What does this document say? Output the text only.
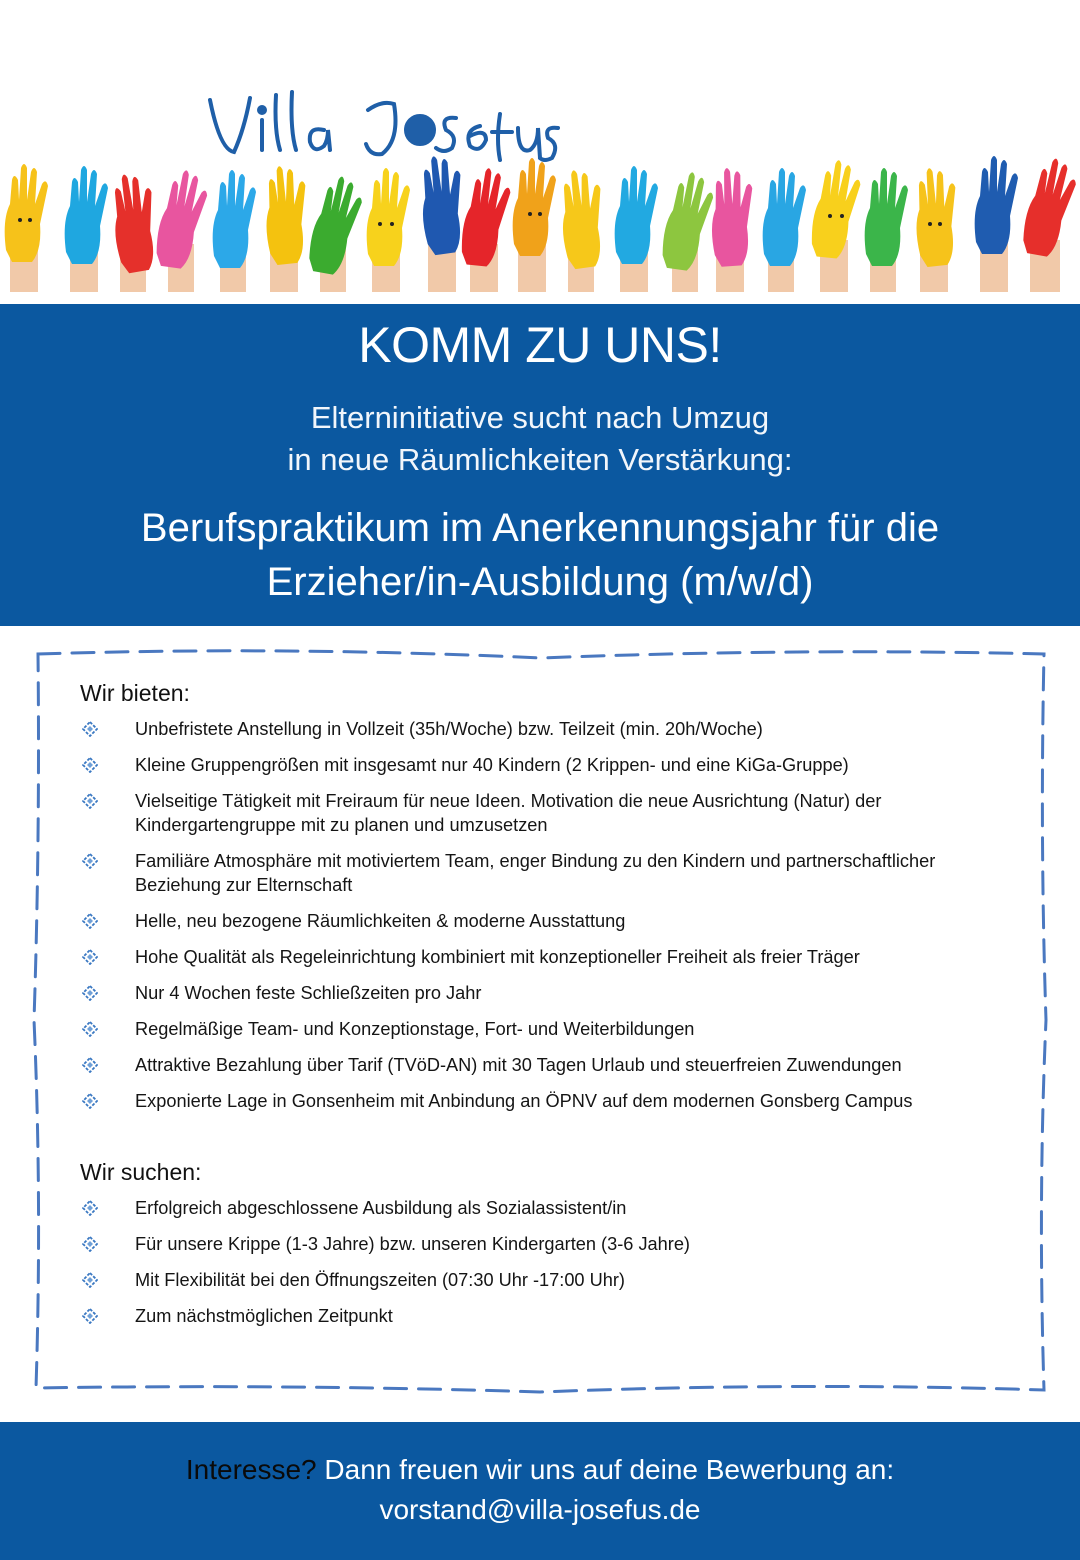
KOMM ZU UNS!
Elterninitiative sucht nach Umzug
in neue Räumlichkeiten Verstärkung:
Berufspraktikum im Anerkennungsjahr für die
Erzieher/in-Ausbildung (m/w/d)
Wir bieten:
Unbefristete Anstellung in Vollzeit (35h/Woche) bzw. Teilzeit (min. 20h/Woche)
Kleine Gruppengrößen mit insgesamt nur 40 Kindern (2 Krippen- und eine KiGa-Gruppe)
Vielseitige Tätigkeit mit Freiraum für neue Ideen. Motivation die neue Ausrichtung (Natur) der Kindergartengruppe mit zu planen und umzusetzen
Familiäre Atmosphäre mit motiviertem Team, enger Bindung zu den Kindern und partnerschaftlicher Beziehung zur Elternschaft
Helle, neu bezogene Räumlichkeiten & moderne Ausstattung
Hohe Qualität als Regeleinrichtung kombiniert mit konzeptioneller Freiheit als freier Träger
Nur 4 Wochen feste Schließzeiten pro Jahr
Regelmäßige Team- und Konzeptionstage, Fort- und Weiterbildungen
Attraktive Bezahlung über Tarif (TVöD-AN) mit 30 Tagen Urlaub und steuerfreien Zuwendungen
Exponierte Lage in Gonsenheim mit Anbindung an ÖPNV auf dem modernen Gonsberg Campus
Wir suchen:
Erfolgreich abgeschlossene Ausbildung als Sozialassistent/in
Für unsere Krippe (1-3 Jahre) bzw. unseren Kindergarten (3-6 Jahre)
Mit Flexibilität bei den Öffnungszeiten (07:30 Uhr -17:00 Uhr)
Zum nächstmöglichen Zeitpunkt
Interesse? Dann freuen wir uns auf deine Bewerbung an:
vorstand@villa-josefus.de
